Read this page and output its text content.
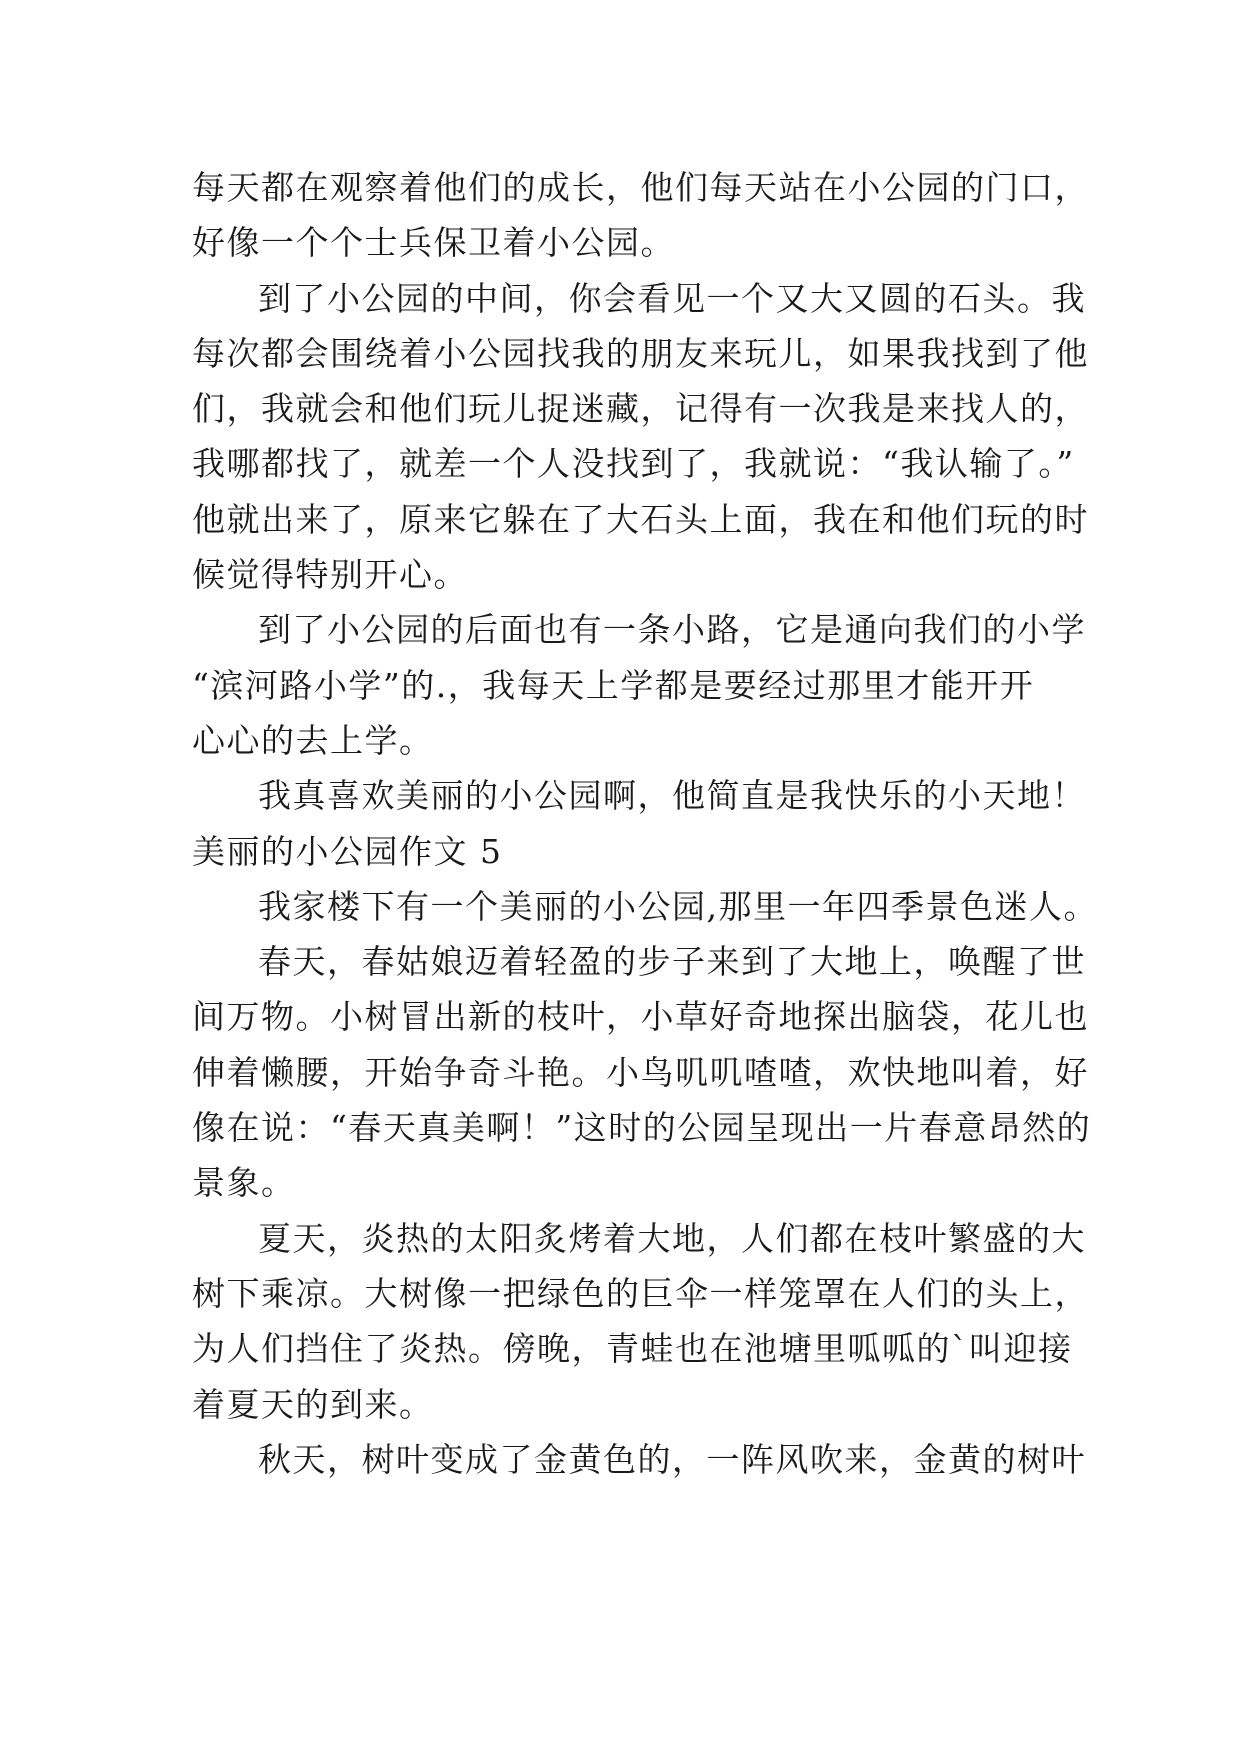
每天都在观察着他们的成长，他们每天站在小公园的门口，
好像一个个士兵保卫着小公园。
到了小公园的中间，你会看见一个又大又圆的石头。我
每次都会围绕着小公园找我的朋友来玩儿，如果我找到了他
们，我就会和他们玩儿捉迷藏，记得有一次我是来找人的，
我哪都找了，就差一个人没找到了，我就说：“我认输了。”
他就出来了，原来它躲在了大石头上面，我在和他们玩的时
候觉得特别开心。
到了小公园的后面也有一条小路，它是通向我们的小学
“滨河路小学”的.，我每天上学都是要经过那里才能开开
心心的去上学。
我真喜欢美丽的小公园啊，他简直是我快乐的小天地！
美丽的小公园作文 5
我家楼下有一个美丽的小公园,那里一年四季景色迷人。
春天，春姑娘迈着轻盈的步子来到了大地上，唤醒了世
间万物。小树冒出新的枝叶，小草好奇地探出脑袋，花儿也
伸着懒腰，开始争奇斗艳。小鸟叽叽喳喳，欢快地叫着，好
像在说：“春天真美啊！”这时的公园呈现出一片春意昂然的
景象。
夏天，炎热的太阳炙烤着大地，人们都在枝叶繁盛的大
树下乘凉。大树像一把绿色的巨伞一样笼罩在人们的头上，
为人们挡住了炎热。傍晚，青蛙也在池塘里呱呱的`叫迎接
着夏天的到来。
秋天，树叶变成了金黄色的，一阵风吹来，金黄的树叶
